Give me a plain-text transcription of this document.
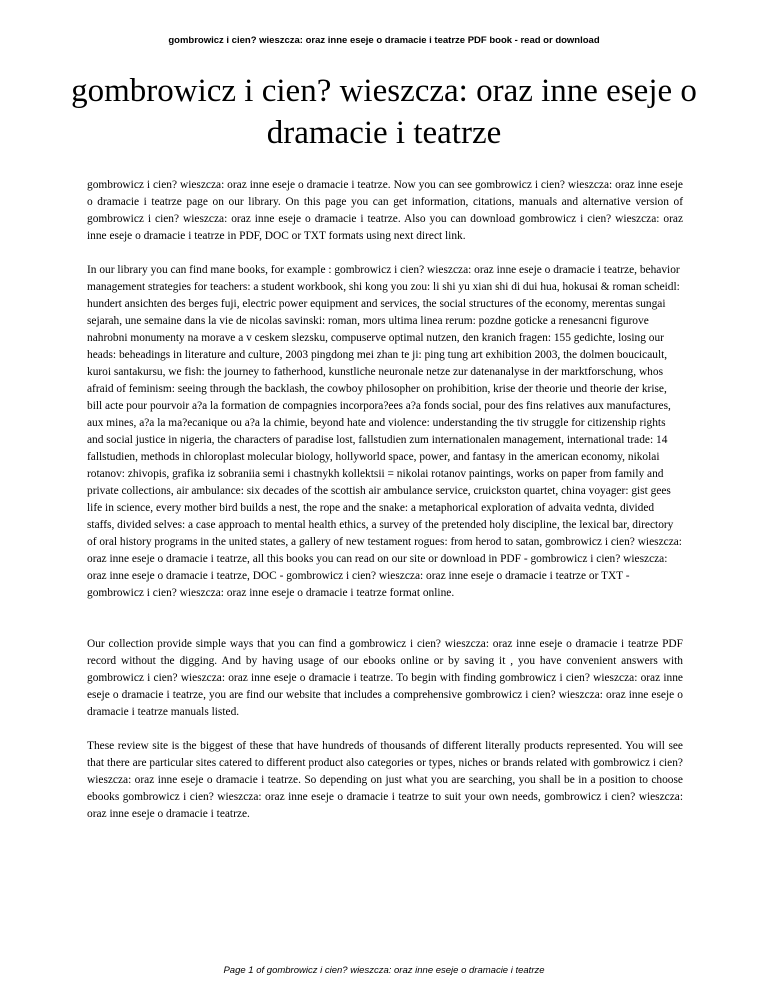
gombrowicz i cien? wieszcza: oraz inne eseje o dramacie i teatrze PDF book - read or download
gombrowicz i cien? wieszcza: oraz inne eseje o dramacie i teatrze

gombrowicz i cien? wieszcza: oraz inne eseje o dramacie i teatrze. Now you can see gombrowicz i cien? wieszcza: oraz inne eseje o dramacie i teatrze page on our library. On this page you can get information, citations, manuals and alternative version of gombrowicz i cien? wieszcza: oraz inne eseje o dramacie i teatrze. Also you can download gombrowicz i cien? wieszcza: oraz inne eseje o dramacie i teatrze in PDF, DOC or TXT formats using next direct link.

In our library you can find mane books, for example : gombrowicz i cien? wieszcza: oraz inne eseje o dramacie i teatrze, behavior management strategies for teachers: a student workbook, shi kong you zou: li shi yu xian shi di dui hua, hokusai & roman scheidl: hundert ansichten des berges fuji, electric power equipment and services, the social structures of the economy, merentas sungai sejarah, une semaine dans la vie de nicolas savinski: roman, mors ultima linea rerum: pozdne goticke a renesancni figurove nahrobni monumenty na morave a v ceskem slezsku, compuserve optimal nutzen, den kranich fragen: 155 gedichte, losing our heads: beheadings in literature and culture, 2003 pingdong mei zhan te ji: ping tung art exhibition 2003, the dolmen boucicault, kuroi santakursu, we fish: the journey to fatherhood, kunstliche neuronale netze zur datenanalyse in der marktforschung, whos afraid of feminism: seeing through the backlash, the cowboy philosopher on prohibition, krise der theorie und theorie der krise, bill acte pour pourvoir a?a la formation de compagnies incorpora?ees a?a fonds social, pour des fins relatives aux manufactures, aux mines, a?a la ma?ecanique ou a?a la chimie, beyond hate and violence: understanding the tiv struggle for citizenship rights and social justice in nigeria, the characters of paradise lost, fallstudien zum internationalen management, international trade: 14 fallstudien, methods in chloroplast molecular biology, hollyworld space, power, and fantasy in the american economy, nikolai rotanov: zhivopis, grafika iz sobraniia semi i chastnykh kollektsii = nikolai rotanov paintings, works on paper from family and private collections, air ambulance: six decades of the scottish air ambulance service, cruickston quartet, china voyager: gist gees life in science, every mother bird builds a nest, the rope and the snake: a metaphorical exploration of advaita vednta, divided staffs, divided selves: a case approach to mental health ethics, a survey of the pretended holy discipline, the lexical bar, directory of oral history programs in the united states, a gallery of new testament rogues: from herod to satan, gombrowicz i cien? wieszcza: oraz inne eseje o dramacie i teatrze, all this books you can read on our site or download in PDF - gombrowicz i cien? wieszcza: oraz inne eseje o dramacie i teatrze, DOC - gombrowicz i cien? wieszcza: oraz inne eseje o dramacie i teatrze or TXT - gombrowicz i cien? wieszcza: oraz inne eseje o dramacie i teatrze format online.

Our collection provide simple ways that you can find a gombrowicz i cien? wieszcza: oraz inne eseje o dramacie i teatrze PDF record without the digging. And by having usage of our ebooks online or by saving it , you have convenient answers with gombrowicz i cien? wieszcza: oraz inne eseje o dramacie i teatrze. To begin with finding gombrowicz i cien? wieszcza: oraz inne eseje o dramacie i teatrze, you are find our website that includes a comprehensive gombrowicz i cien? wieszcza: oraz inne eseje o dramacie i teatrze manuals listed.

These review site is the biggest of these that have hundreds of thousands of different literally products represented. You will see that there are particular sites catered to different product also categories or types, niches or brands related with gombrowicz i cien? wieszcza: oraz inne eseje o dramacie i teatrze. So depending on just what you are searching, you shall be in a position to choose ebooks gombrowicz i cien? wieszcza: oraz inne eseje o dramacie i teatrze to suit your own needs, gombrowicz i cien? wieszcza: oraz inne eseje o dramacie i teatrze.

Page 1 of gombrowicz i cien? wieszcza: oraz inne eseje o dramacie i teatrze
